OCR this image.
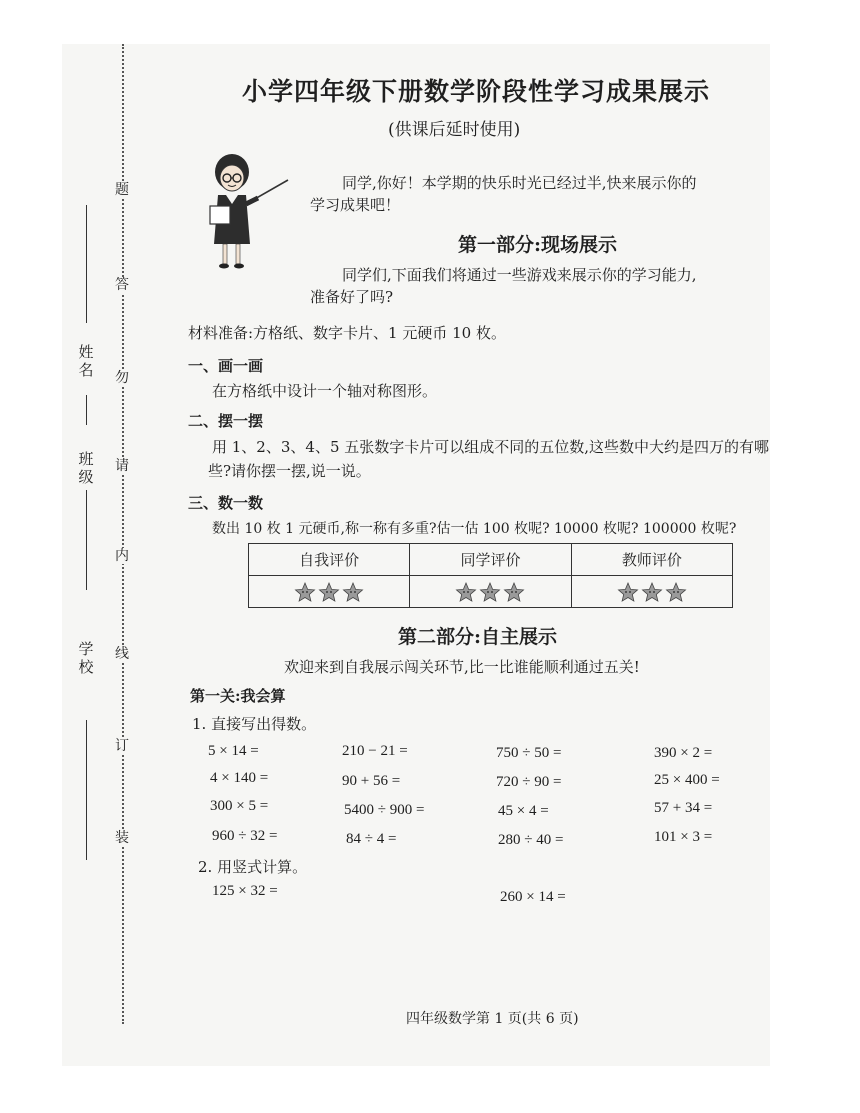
题
答
勿
请
内
线
订
装
姓名
班级
学校
小学四年级下册数学阶段性学习成果展示
(供课后延时使用)
同学,你好！本学期的快乐时光已经过半,快来展示你的
学习成果吧！
第一部分:现场展示
同学们,下面我们将通过一些游戏来展示你的学习能力,
准备好了吗?
材料准备:方格纸、数字卡片、1 元硬币 10 枚。
一、画一画
在方格纸中设计一个轴对称图形。
二、摆一摆
用 1、2、3、4、5 五张数字卡片可以组成不同的五位数,这些数中大约是四万的有哪
些?请你摆一摆,说一说。
三、数一数
数出 10 枚 1 元硬币,称一称有多重?估一估 100 枚呢? 10000 枚呢? 100000 枚呢?
自我评价	同学评价	教师评价

第二部分:自主展示
欢迎来到自我展示闯关环节,比一比谁能顺利通过五关!
第一关:我会算
1. 直接写出得数。
5 × 14 =	210 − 21 =	750 ÷ 50 =	390 × 2 =
4 × 140 =	90 + 56 =	720 ÷ 90 =	25 × 400 =
300 × 5 =	5400 ÷ 900 =	45 × 4 =	57 + 34 =
960 ÷ 32 =	84 ÷ 4 =	280 ÷ 40 =	101 × 3 =
2. 用竖式计算。
125 × 32 =	260 × 14 =
四年级数学第 1 页(共 6 页)
